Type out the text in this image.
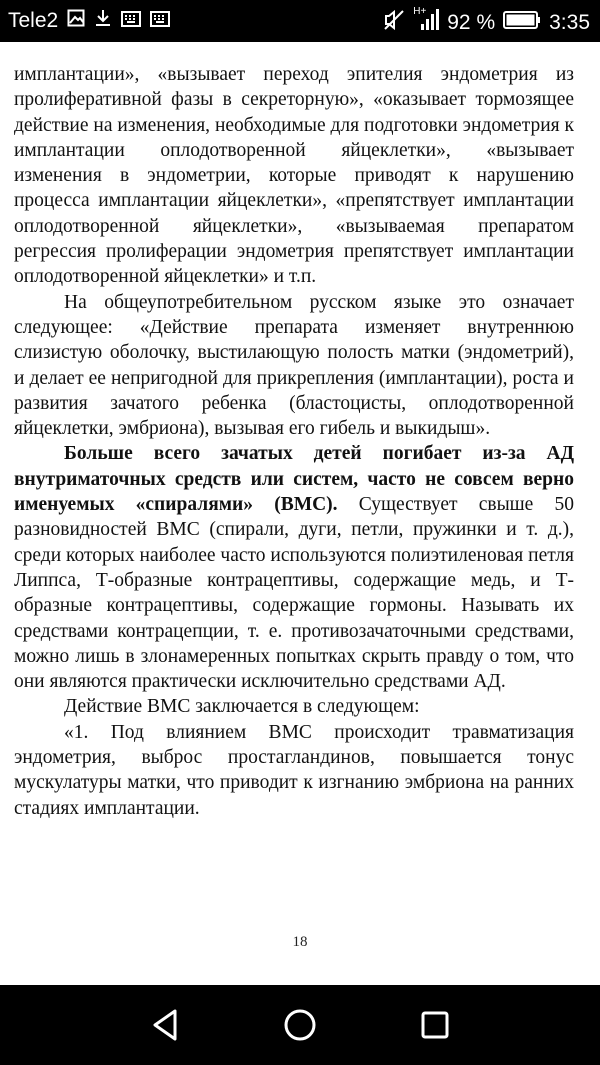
Tele2	H+ 92 %	3:35

имплантации», «вызывает переход эпителия эндометрия из пролиферативной фазы в секреторную», «оказывает тормозящее действие на изменения, необходимые для подготовки эндометрия к имплантации оплодотворенной яйцеклетки», «вызывает изменения в эндометрии, которые приводят к нарушению процесса имплантации яйцеклетки», «препятствует имплантации оплодотворенной яйцеклетки», «вызываемая препаратом регрессия пролиферации эндометрия препятствует имплантации оплодотворенной яйцеклетки» и т.п.

На общеупотребительном русском языке это означает следующее: «Действие препарата изменяет внутреннюю слизистую оболочку, выстилающую полость матки (эндометрий), и делает ее непригодной для прикрепления (имплантации), роста и развития зачатого ребенка (бластоцисты, оплодотворенной яйцеклетки, эмбриона), вызывая его гибель и выкидыш».

Больше всего зачатых детей погибает из-за АД внутриматочных средств или систем, часто не совсем верно именуемых «спиралями» (ВМС). Существует свыше 50 разновидностей ВМС (спирали, дуги, петли, пружинки и т. д.), среди которых наиболее часто используются полиэтиленовая петля Липпса, Т-образные контрацептивы, содержащие медь, и Т-образные контрацептивы, содержащие гормоны. Называть их средствами контрацепции, т. е. противозачаточными средствами, можно лишь в злонамеренных попытках скрыть правду о том, что они являются практически исключительно средствами АД.

Действие ВМС заключается в следующем:

«1. Под влиянием ВМС происходит травматизация эндометрия, выброс простагландинов, повышается тонус мускулатуры матки, что приводит к изгнанию эмбриона на ранних стадиях имплантации.

18
